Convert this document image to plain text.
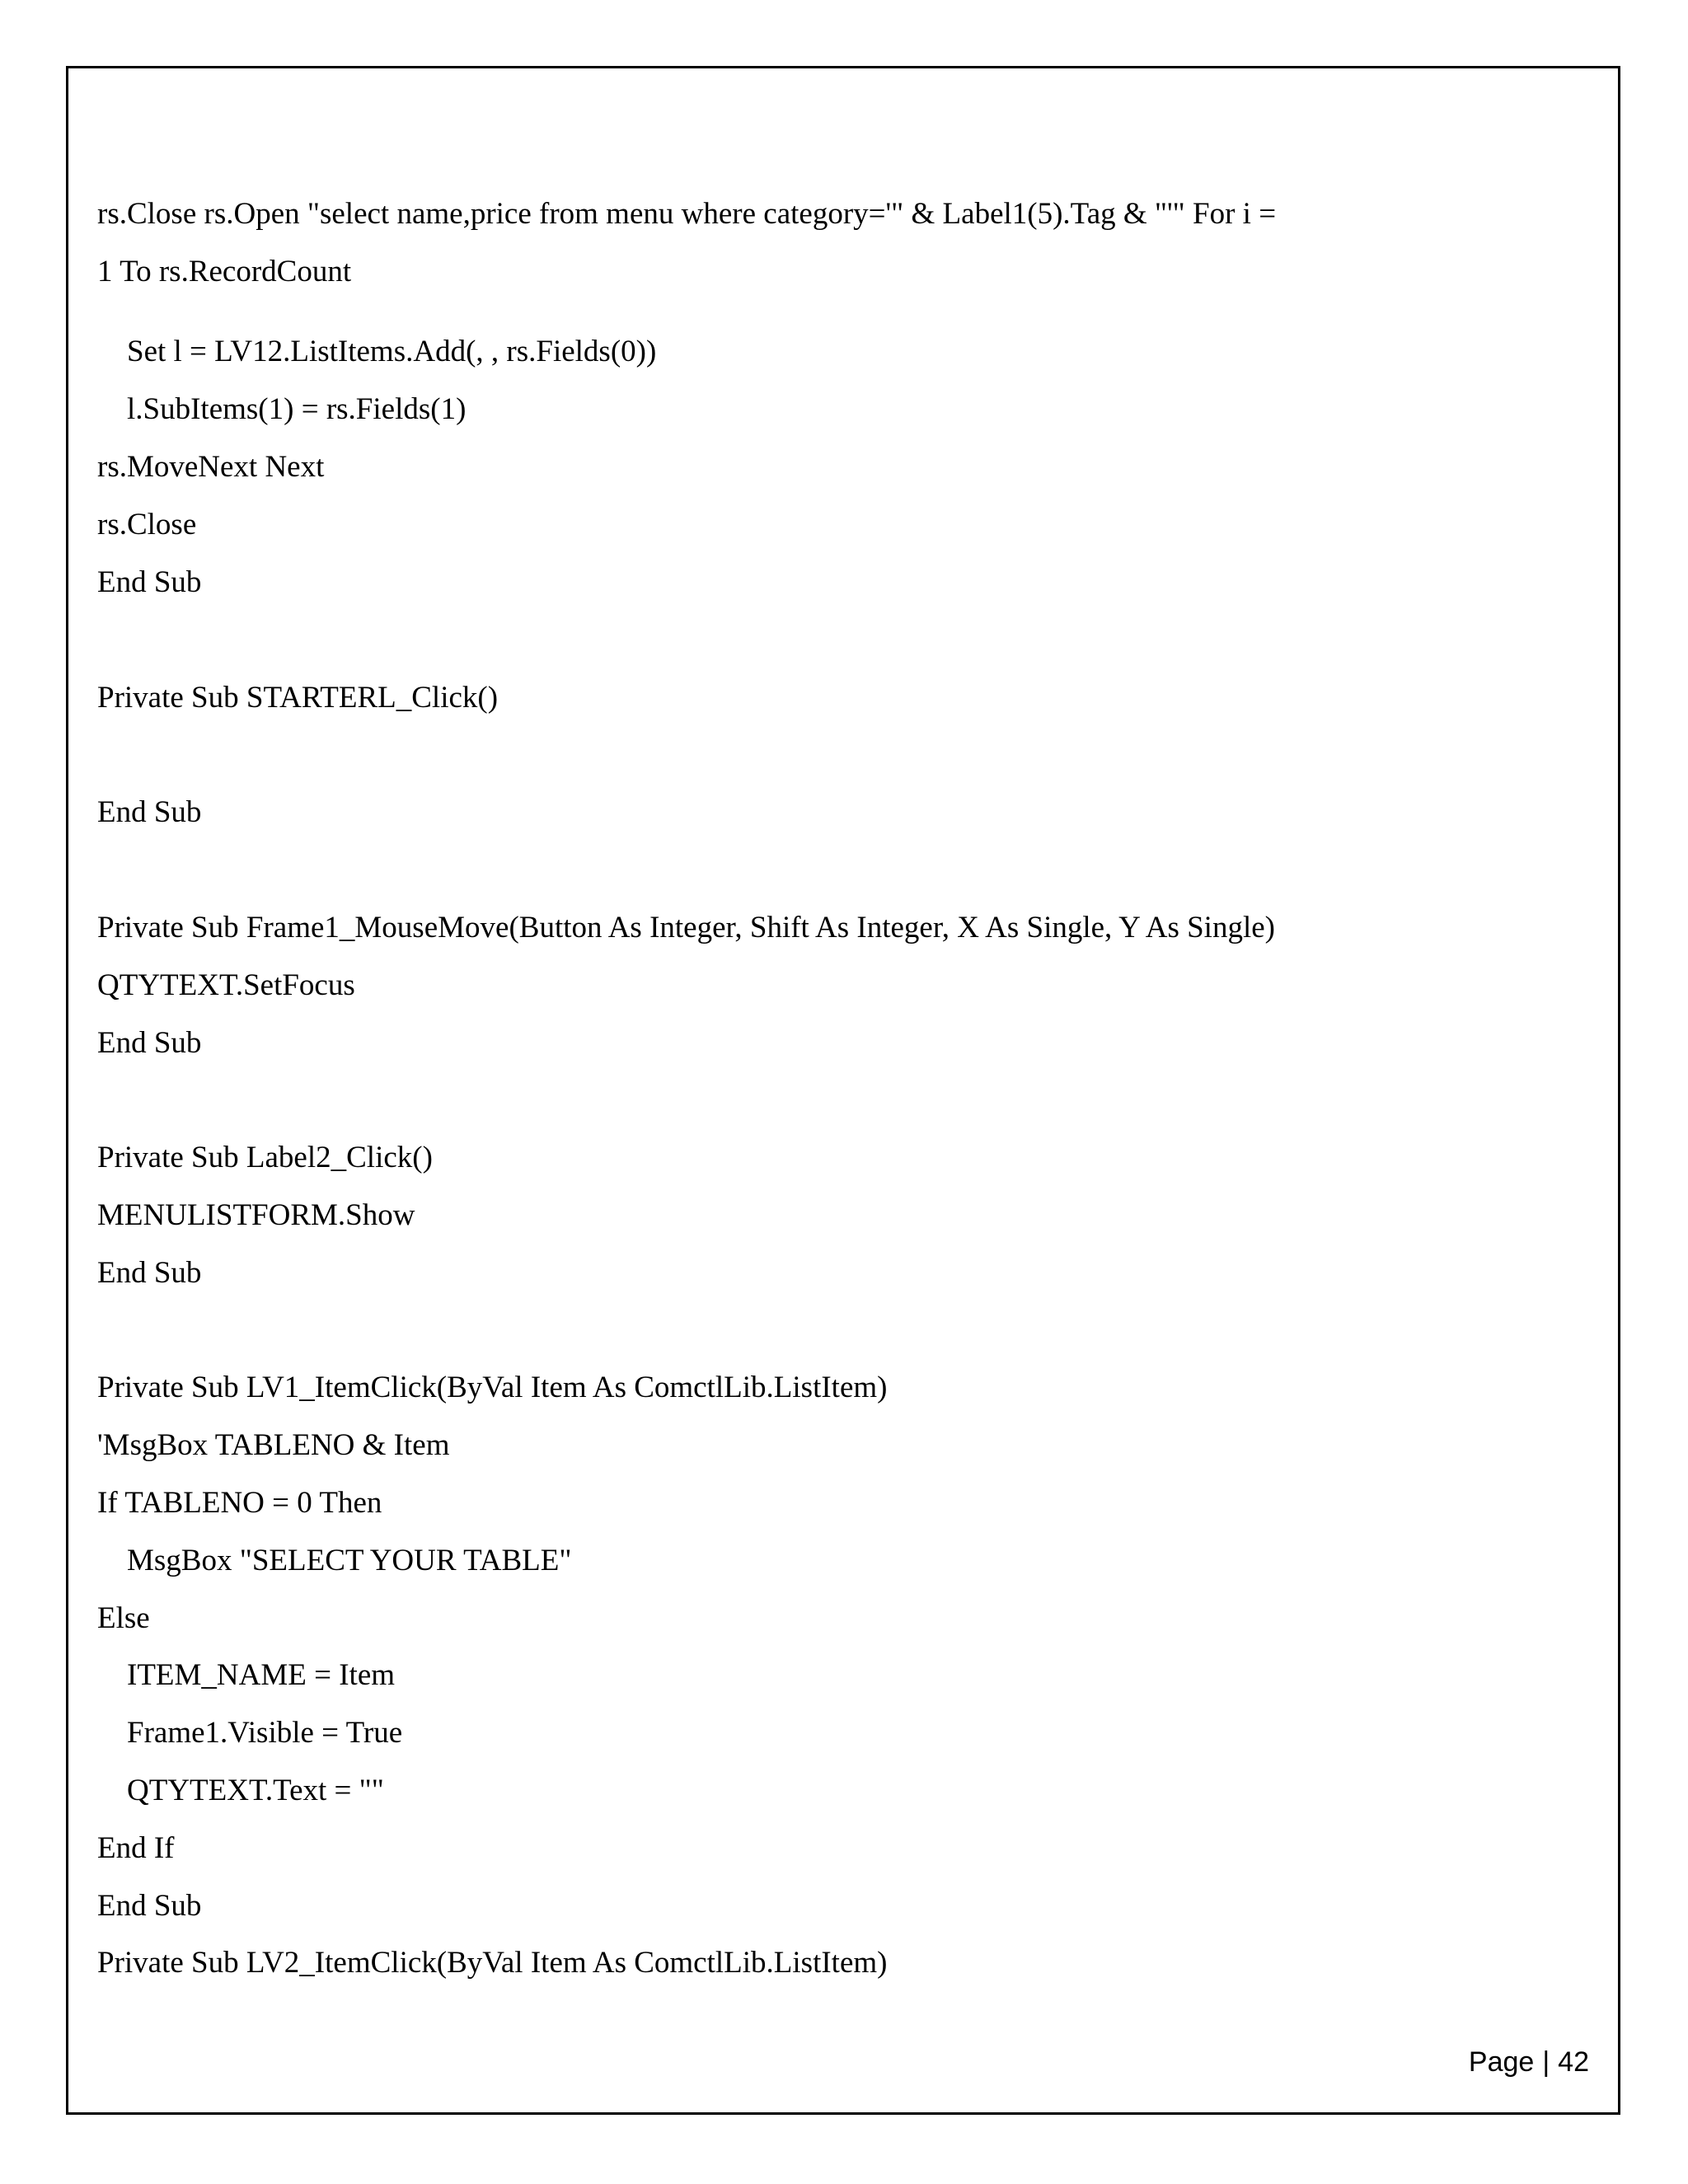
rs.Close rs.Open "select name,price from menu where category='" & Label1(5).Tag & "'" For i =
1 To rs.RecordCount
Set l = LV12.ListItems.Add(, , rs.Fields(0))
l.SubItems(1) = rs.Fields(1)
rs.MoveNext Next
rs.Close
End Sub
Private Sub STARTERL_Click()
End Sub
Private Sub Frame1_MouseMove(Button As Integer, Shift As Integer, X As Single, Y As Single)
QTYTEXT.SetFocus
End Sub
Private Sub Label2_Click()
MENULISTFORM.Show
End Sub
Private Sub LV1_ItemClick(ByVal Item As ComctlLib.ListItem)
'MsgBox TABLENO & Item
If TABLENO = 0 Then
MsgBox "SELECT YOUR TABLE"
Else
ITEM_NAME = Item
Frame1.Visible = True
QTYTEXT.Text = ""
End If
End Sub
Private Sub LV2_ItemClick(ByVal Item As ComctlLib.ListItem)

Page | 42
